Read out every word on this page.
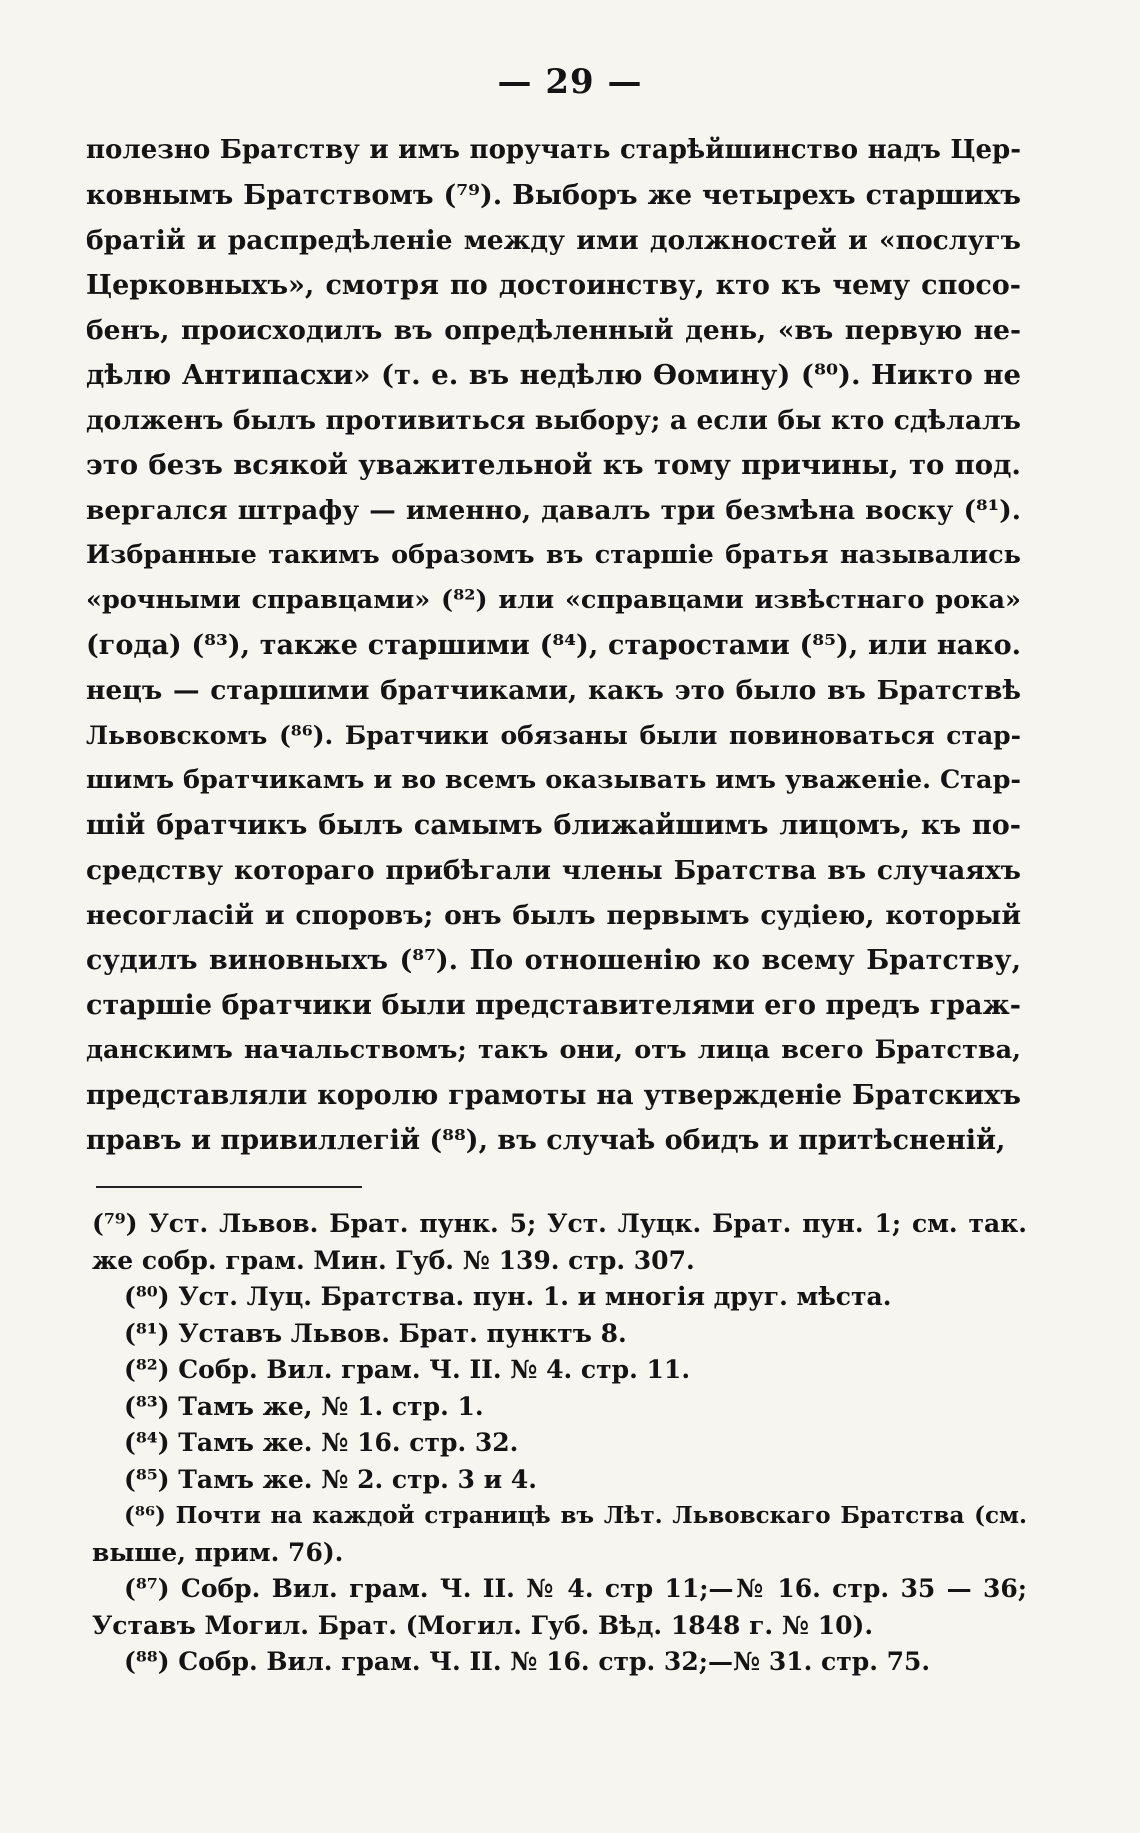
— 29 —
полезно Братству и имъ поручать старѣйшинство надъ Цер-
ковнымъ Братствомъ (⁷⁹). Выборъ же четырехъ старшихъ
братій и распредѣленіе между ими должностей и «послугъ
Церковныхъ», смотря по достоинству, кто къ чему спосо-
бенъ, происходилъ въ опредѣленный день, «въ первую не-
дѣлю Антипасхи» (т. е. въ недѣлю Ѳомину) (⁸⁰). Никто не
долженъ былъ противиться выбору; а если бы кто сдѣлалъ
это безъ всякой уважительной къ тому причины, то под.
вергался штрафу — именно, давалъ три безмѣна воску (⁸¹).
Избранные такимъ образомъ въ старшіе братья назывались
«рочными справцами» (⁸²) или «справцами извѣстнаго рока»
(года) (⁸³), также старшими (⁸⁴), старостами (⁸⁵), или нако.
нецъ — старшими братчиками, какъ это было въ Братствѣ
Львовскомъ (⁸⁶). Братчики обязаны были повиноваться стар-
шимъ братчикамъ и во всемъ оказывать имъ уваженіе. Стар-
шій братчикъ былъ самымъ ближайшимъ лицомъ, къ по-
средству котораго прибѣгали члены Братства въ случаяхъ
несогласій и споровъ; онъ былъ первымъ судіею, который
судилъ виновныхъ (⁸⁷). По отношенію ко всему Братству,
старшіе братчики были представителями его предъ граж-
данскимъ начальствомъ; такъ они, отъ лица всего Братства,
представляли королю грамоты на утвержденіе Братскихъ
правъ и привиллегій (⁸⁸), въ случаѣ обидъ и притѣсненій,
(⁷⁹) Уст. Львов. Брат. пунк. 5; Уст. Луцк. Брат. пун. 1; см. так.
же собр. грам. Мин. Губ. № 139. стр. 307.
(⁸⁰) Уст. Луц. Братства. пун. 1. и многія друг. мѣста.
(⁸¹) Уставъ Львов. Брат. пунктъ 8.
(⁸²) Собр. Вил. грам. Ч. II. № 4. стр. 11.
(⁸³) Тамъ же, № 1. стр. 1.
(⁸⁴) Тамъ же. № 16. стр. 32.
(⁸⁵) Тамъ же. № 2. стр. 3 и 4.
(⁸⁶) Почти на каждой страницѣ въ Лѣт. Львовскаго Братства (см.
выше, прим. 76).
(⁸⁷) Собр. Вил. грам. Ч. II. № 4. стр 11;—№ 16. стр. 35 — 36;
Уставъ Могил. Брат. (Могил. Губ. Вѣд. 1848 г. № 10).
(⁸⁸) Собр. Вил. грам. Ч. II. № 16. стр. 32;—№ 31. стр. 75.
